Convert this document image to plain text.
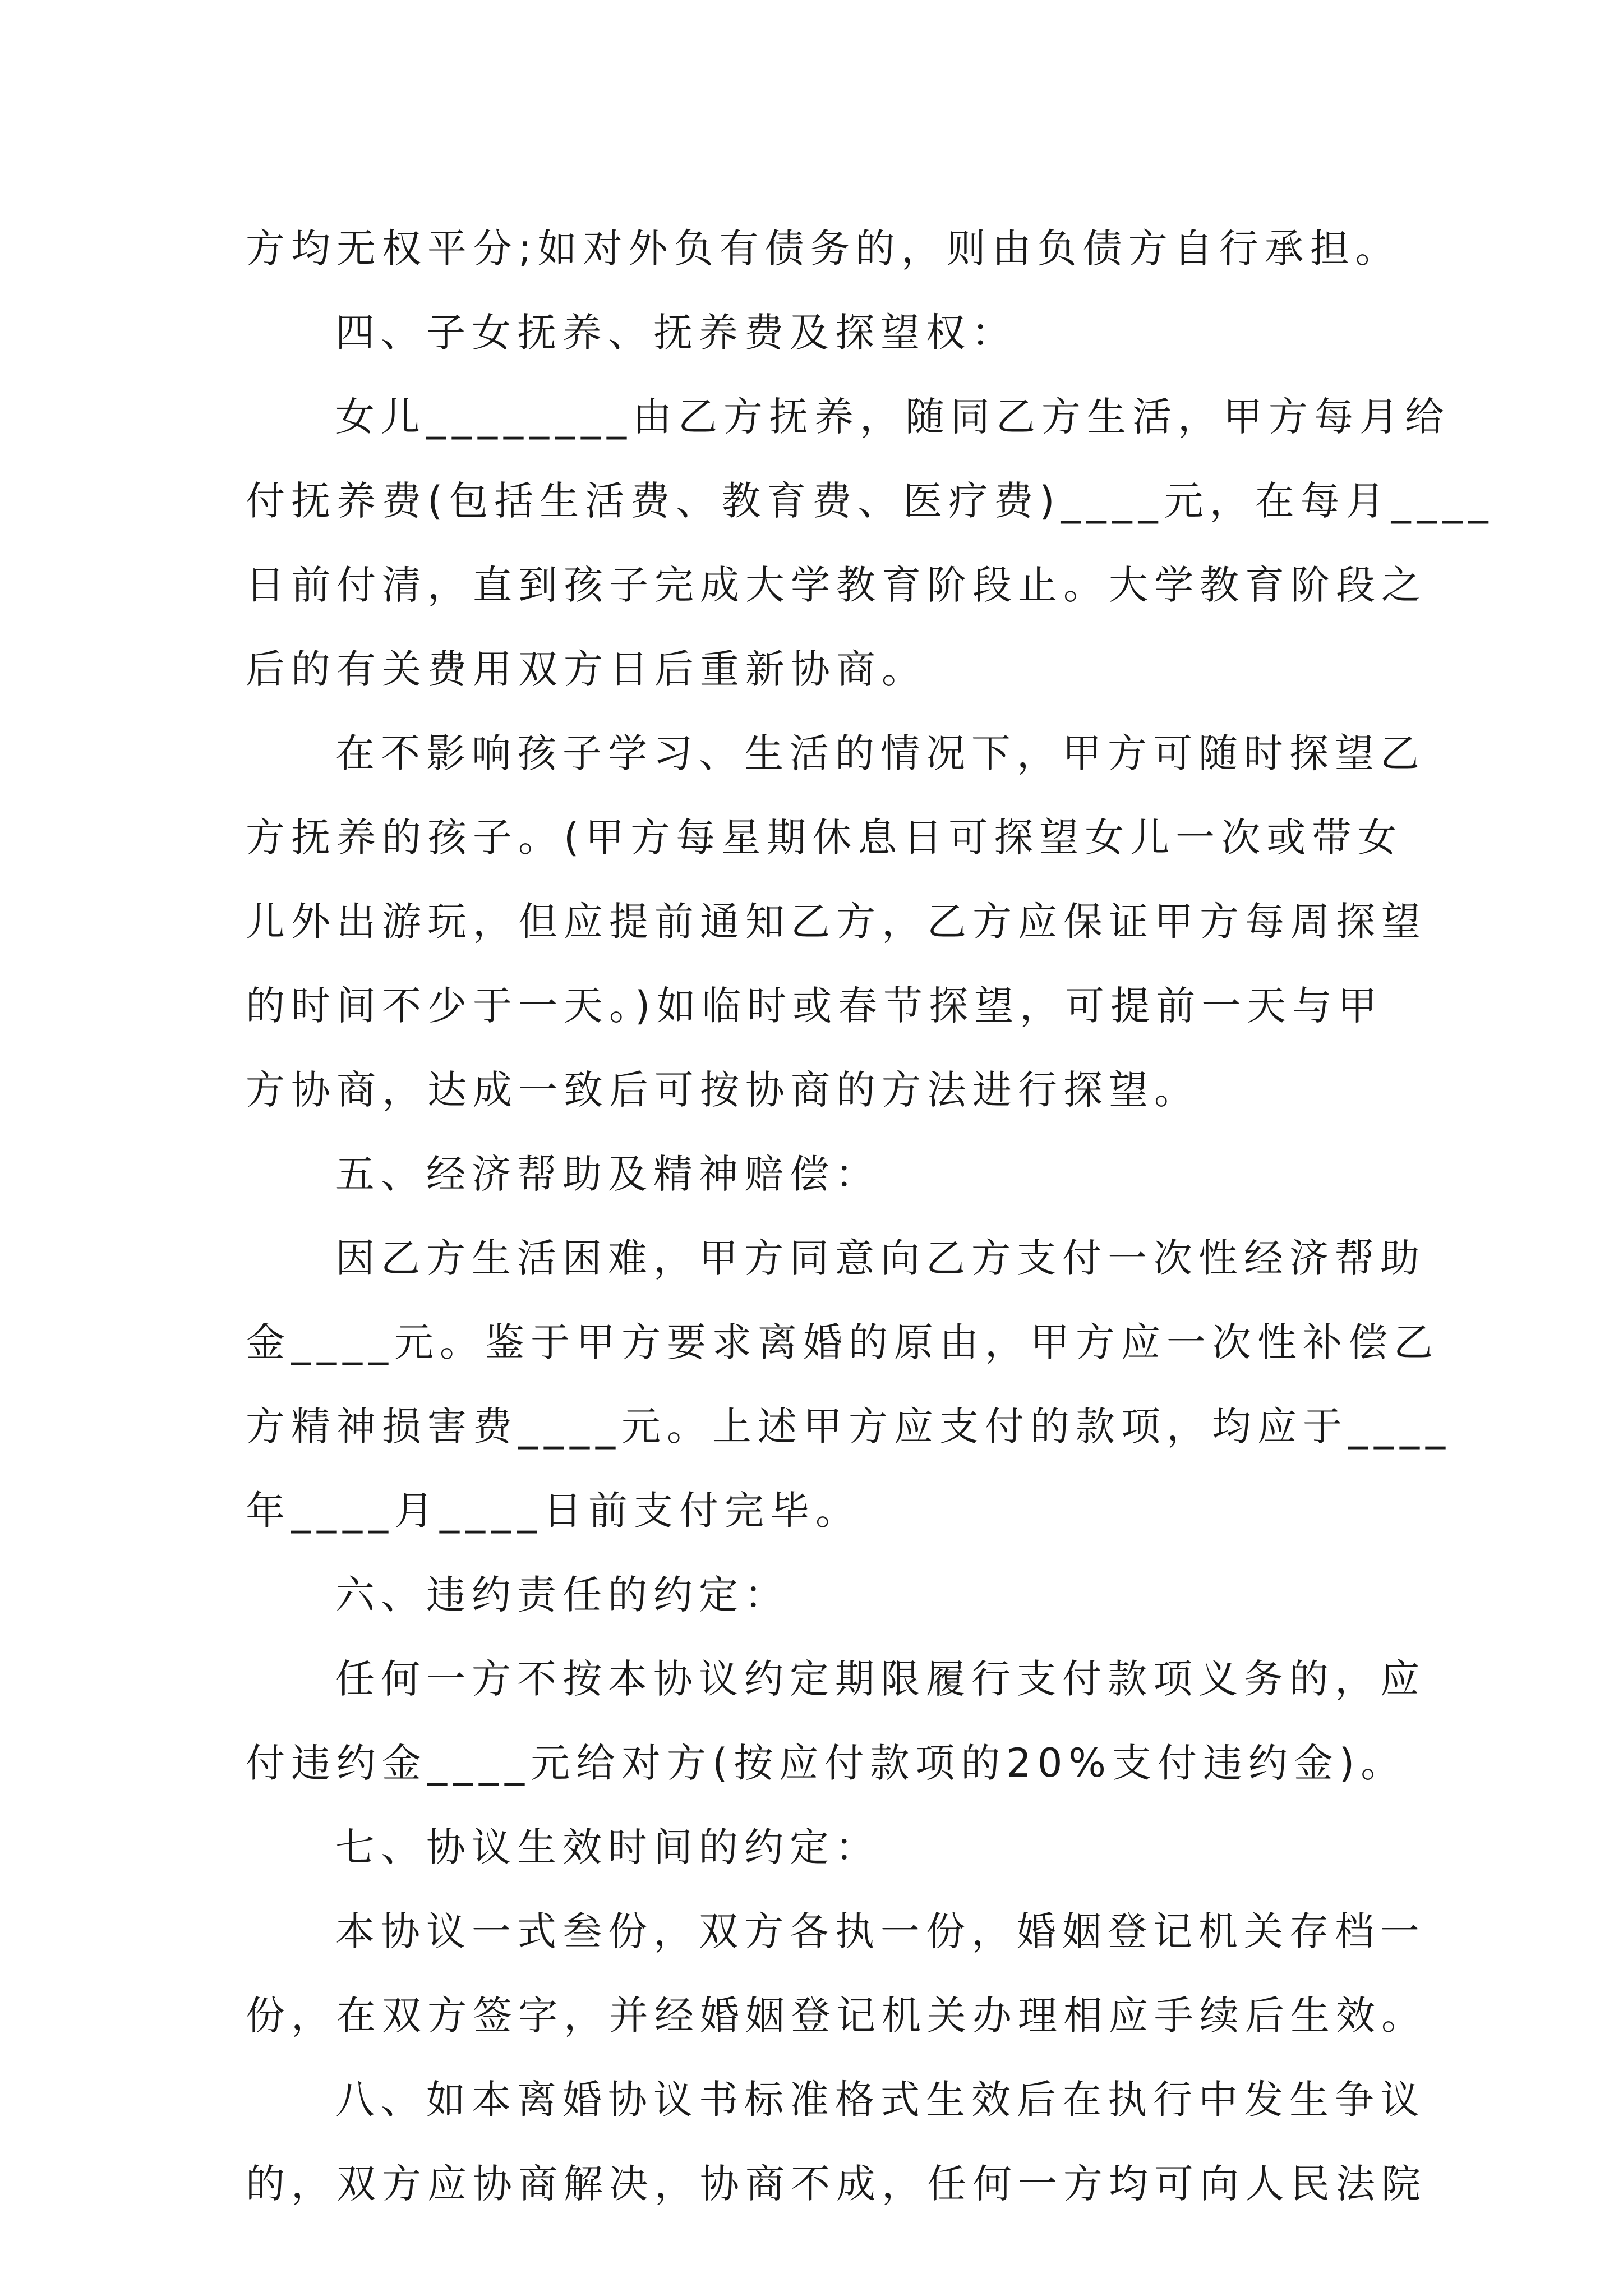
方均无权平分;如对外负有债务的，则由负债方自行承担。
四、子女抚养、抚养费及探望权：
女儿________由乙方抚养，随同乙方生活，甲方每月给
付抚养费(包括生活费、教育费、医疗费)____元，在每月____
日前付清，直到孩子完成大学教育阶段止。大学教育阶段之
后的有关费用双方日后重新协商。
在不影响孩子学习、生活的情况下，甲方可随时探望乙
方抚养的孩子。(甲方每星期休息日可探望女儿一次或带女
儿外出游玩，但应提前通知乙方，乙方应保证甲方每周探望
的时间不少于一天。)如临时或春节探望，可提前一天与甲
方协商，达成一致后可按协商的方法进行探望。
五、经济帮助及精神赔偿：
因乙方生活困难，甲方同意向乙方支付一次性经济帮助
金____元。鉴于甲方要求离婚的原由，甲方应一次性补偿乙
方精神损害费____元。上述甲方应支付的款项，均应于____
年____月____日前支付完毕。
六、违约责任的约定：
任何一方不按本协议约定期限履行支付款项义务的，应
付违约金____元给对方(按应付款项的20%支付违约金)。
七、协议生效时间的约定：
本协议一式叁份，双方各执一份，婚姻登记机关存档一
份，在双方签字，并经婚姻登记机关办理相应手续后生效。
八、如本离婚协议书标准格式生效后在执行中发生争议
的，双方应协商解决，协商不成，任何一方均可向人民法院
